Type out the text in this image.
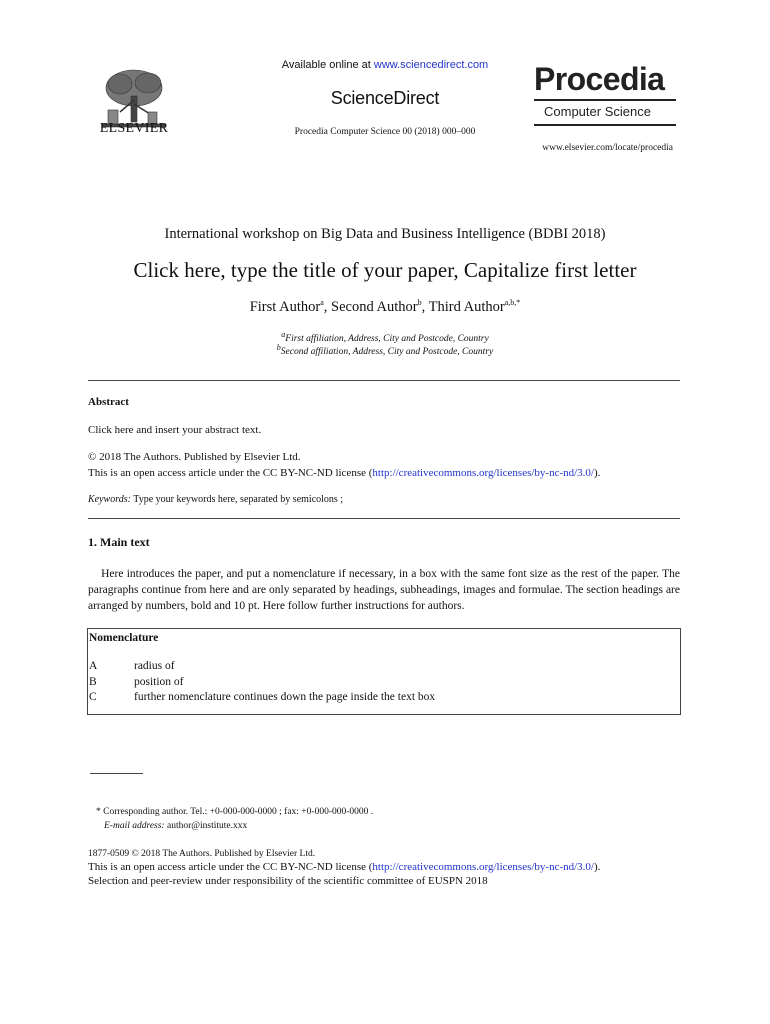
Available online at www.sciencedirect.com
ScienceDirect
Procedia Computer Science 00 (2018) 000–000
ELSEVIER
Procedia
Computer Science
www.elsevier.com/locate/procedia
International workshop on Big Data and Business Intelligence (BDBI 2018)
Click here, type the title of your paper, Capitalize first letter
First Author$^a$, Second Author$^b$, Third Author$^{a,b,*}$
$^a$First affiliation, Address, City and Postcode, Country
$^b$Second affiliation, Address, City and Postcode, Country
Abstract
Click here and insert your abstract text.
© 2018 The Authors. Published by Elsevier Ltd.
This is an open access article under the CC BY-NC-ND license (http://creativecommons.org/licenses/by-nc-nd/3.0/).
Keywords: Type your keywords here, separated by semicolons ;
1. Main text
Here introduces the paper, and put a nomenclature if necessary, in a box with the same font size as the rest of the paper. The paragraphs continue from here and are only separated by headings, subheadings, images and formulae. The section headings are arranged by numbers, bold and 10 pt. Here follow further instructions for authors.
Nomenclature
A	radius of
B	position of
C	further nomenclature continues down the page inside the text box
* Corresponding author. Tel.: +0-000-000-0000 ; fax: +0-000-000-0000 .
E-mail address: author@institute.xxx
1877-0509 © 2018 The Authors. Published by Elsevier Ltd.
This is an open access article under the CC BY-NC-ND license (http://creativecommons.org/licenses/by-nc-nd/3.0/).
Selection and peer-review under responsibility of the scientific committee of EUSPN 2018
